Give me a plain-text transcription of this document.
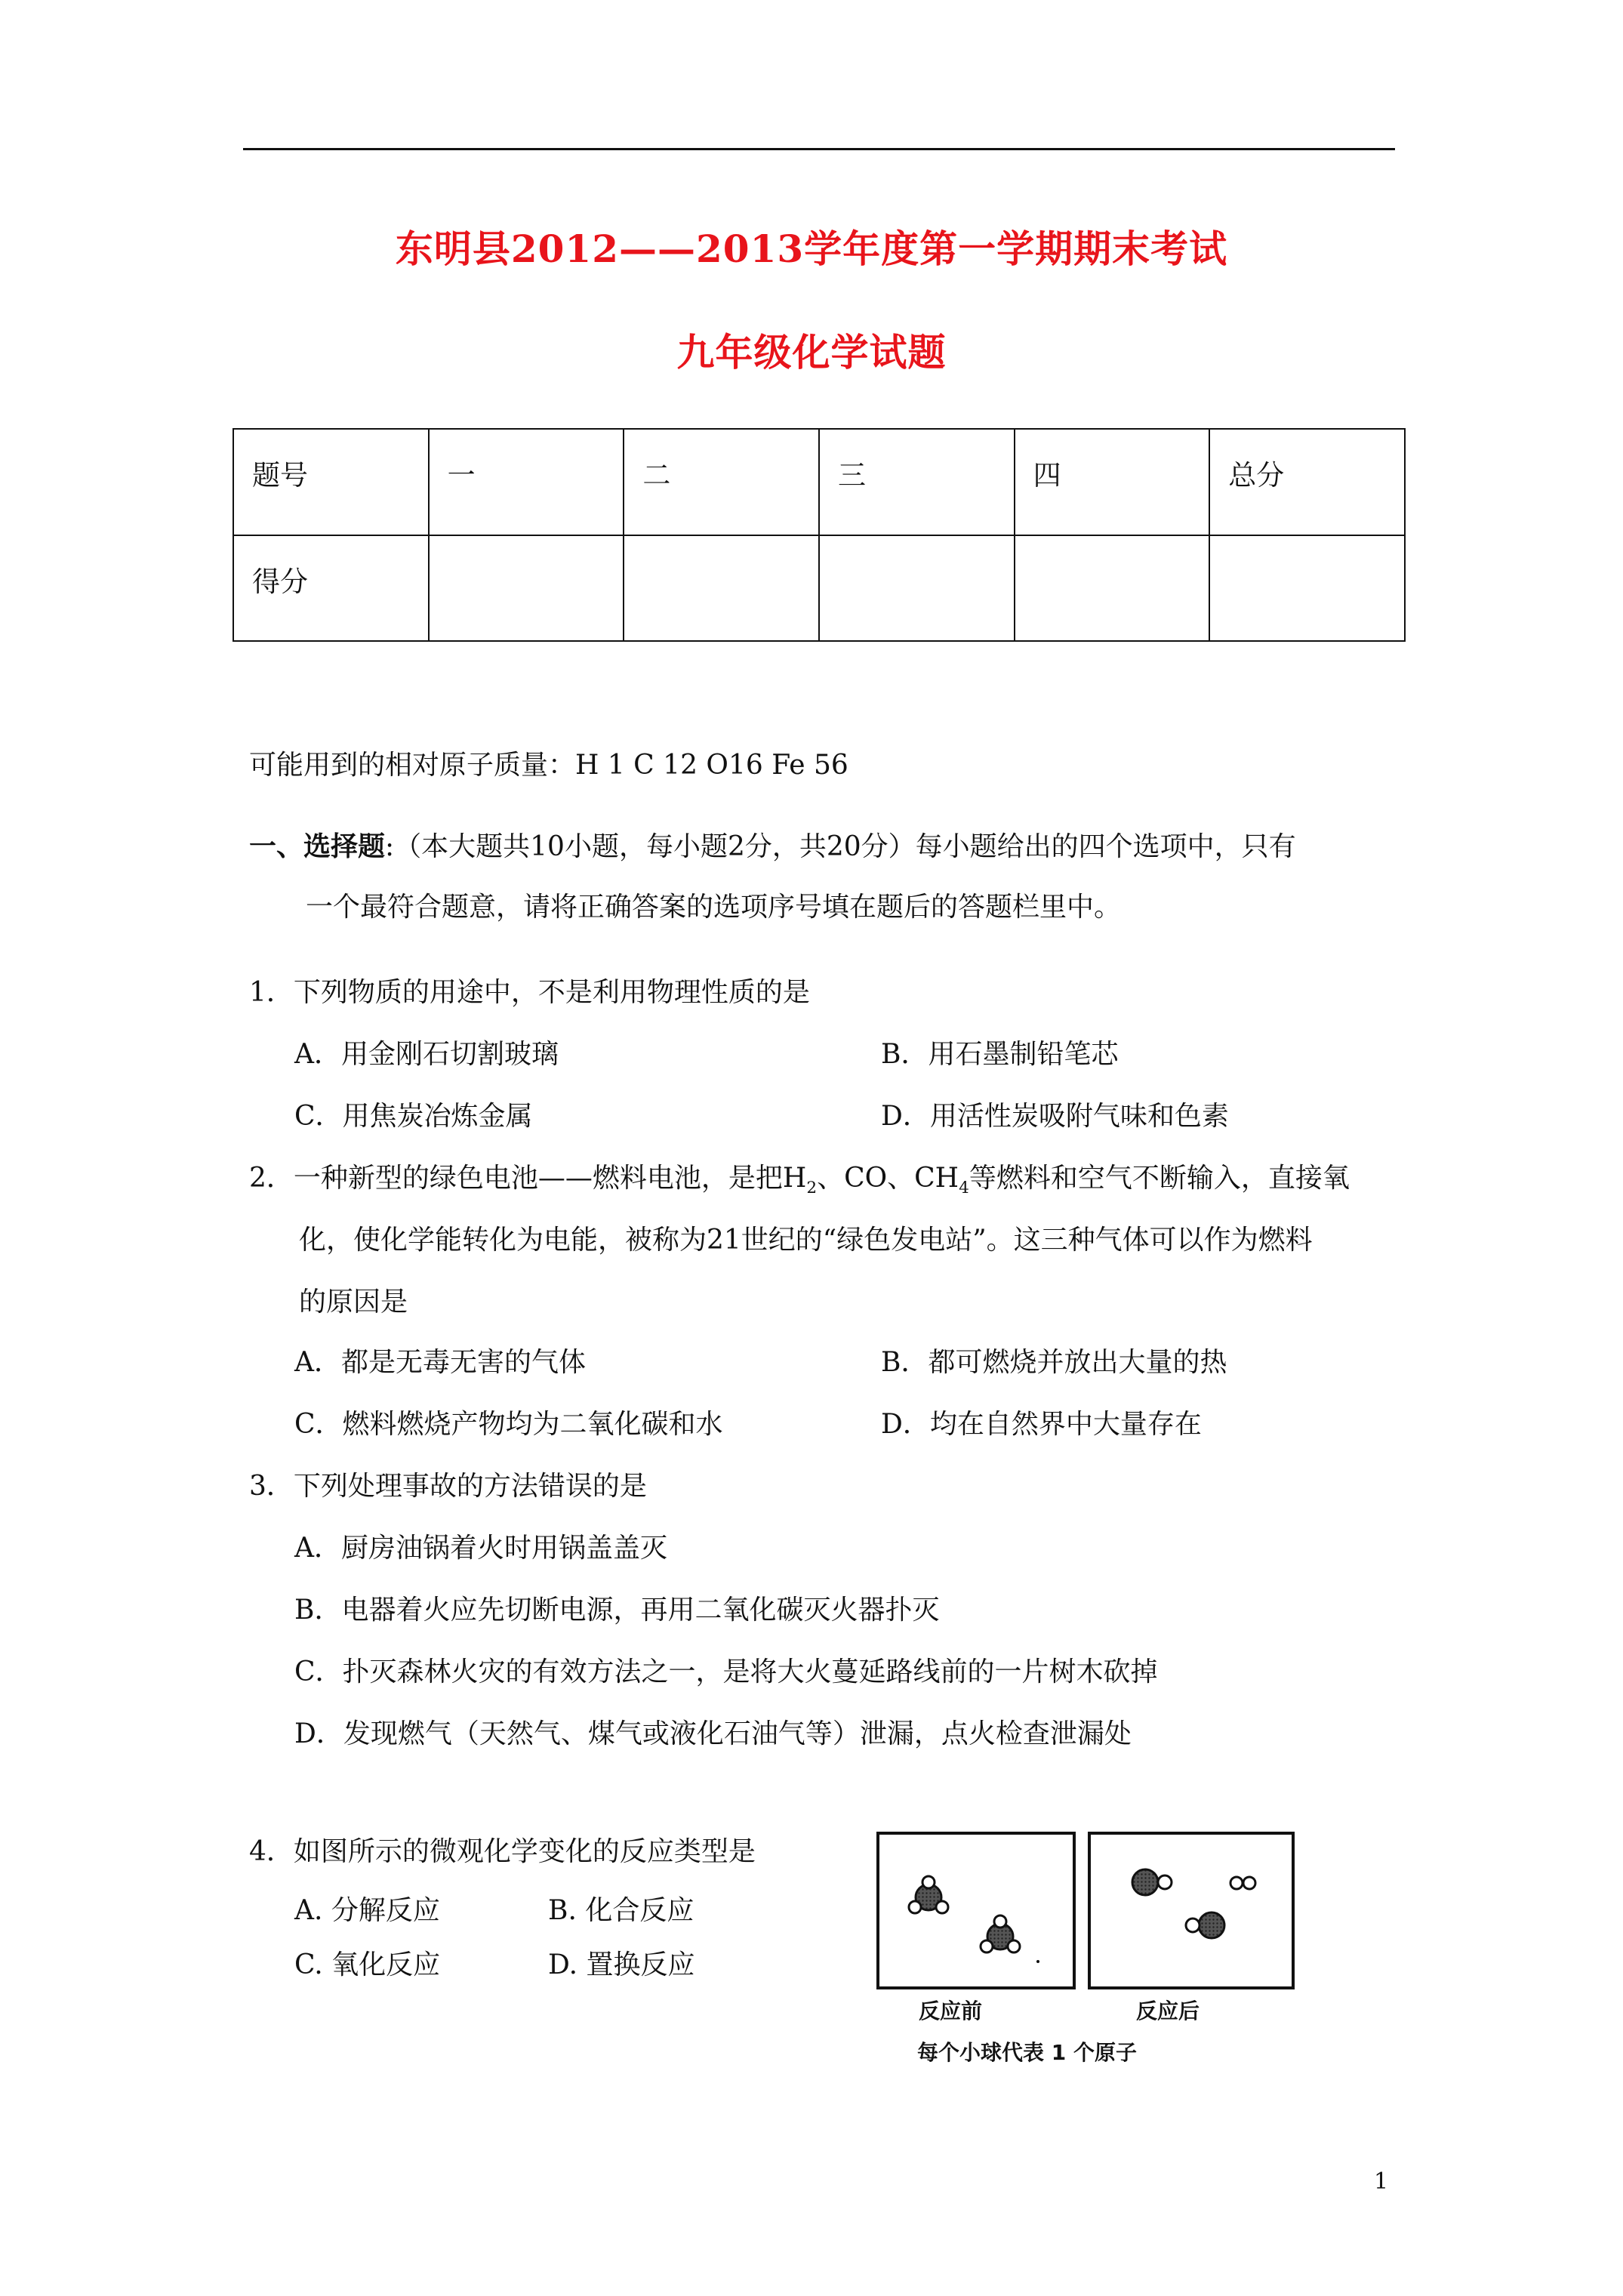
东明县2012——2013学年度第一学期期末考试
九年级化学试题
题号	一	二	三	四	总分
得分					
可能用到的相对原子质量：H 1 C 12 O16 Fe 56
一、选择题:（本大题共10小题，每小题2分，共20分）每小题给出的四个选项中，只有
一个最符合题意，请将正确答案的选项序号填在题后的答题栏里中。
1．下列物质的用途中，不是利用物理性质的是
A．用金刚石切割玻璃	B．用石墨制铅笔芯
C．用焦炭冶炼金属	D．用活性炭吸附气味和色素
2．一种新型的绿色电池——燃料电池，是把$H_2$、CO、$CH_4$等燃料和空气不断输入，直接氧
化，使化学能转化为电能，被称为21世纪的“绿色发电站”。这三种气体可以作为燃料
的原因是
A．都是无毒无害的气体	B．都可燃烧并放出大量的热
C．燃料燃烧产物均为二氧化碳和水	D．均在自然界中大量存在
3．下列处理事故的方法错误的是
A．厨房油锅着火时用锅盖盖灭
B．电器着火应先切断电源，再用二氧化碳灭火器扑灭
C．扑灭森林火灾的有效方法之一，是将大火蔓延路线前的一片树木砍掉
D．发现燃气（天然气、煤气或液化石油气等）泄漏，点火检查泄漏处
4．如图所示的微观化学变化的反应类型是
A. 分解反应	B. 化合反应
C. 氧化反应	D. 置换反应
反应前	反应后
每个小球代表 1 个原子
1
